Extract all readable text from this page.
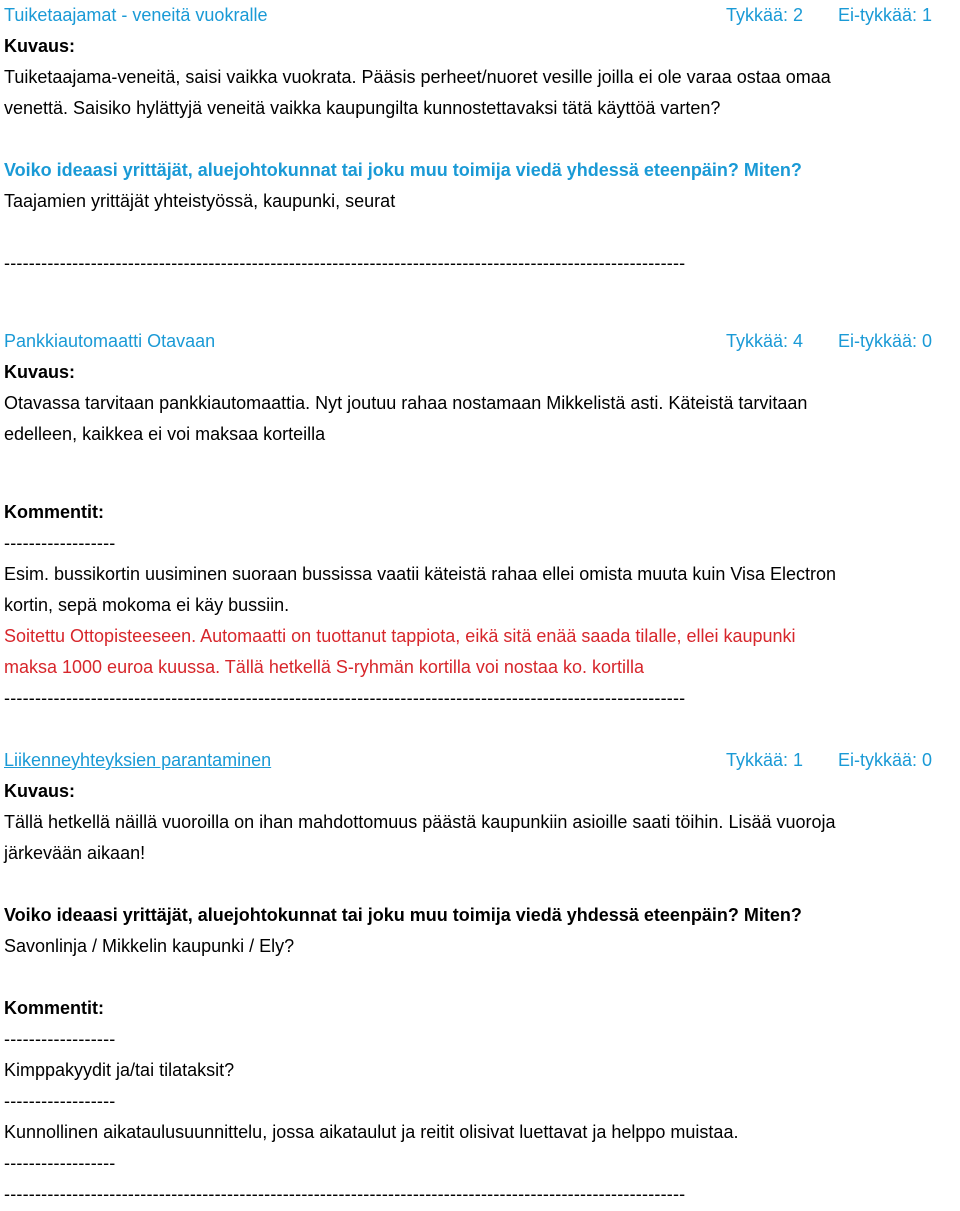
Tuiketaajamat - veneitä vuokralle	Tykkää: 2 Ei-tykkää: 1
Kuvaus:
Tuiketaajama-veneitä, saisi vaikka vuokrata. Pääsis perheet/nuoret vesille joilla ei ole varaa ostaa omaa
venettä. Saisiko hylättyjä veneitä vaikka kaupungilta kunnostettavaksi tätä käyttöä varten?
Voiko ideaasi yrittäjät, aluejohtokunnat tai joku muu toimija viedä yhdessä eteenpäin? Miten?
Taajamien yrittäjät yhteistyössä, kaupunki, seurat
--------------------------------------------------------------------------------------------------------------
Pankkiautomaatti Otavaan	Tykkää: 4 Ei-tykkää: 0
Kuvaus:
Otavassa tarvitaan pankkiautomaattia. Nyt joutuu rahaa nostamaan Mikkelistä asti. Käteistä tarvitaan
edelleen, kaikkea ei voi maksaa korteilla
Kommentit:
------------------
Esim. bussikortin uusiminen suoraan bussissa vaatii käteistä rahaa ellei omista muuta kuin Visa Electron
kortin, sepä mokoma ei käy bussiin.
Soitettu Ottopisteeseen. Automaatti on tuottanut tappiota, eikä sitä enää saada tilalle, ellei kaupunki
maksa 1000 euroa kuussa. Tällä hetkellä S-ryhmän kortilla voi nostaa ko. kortilla
--------------------------------------------------------------------------------------------------------------
Liikenneyhteyksien parantaminen	Tykkää: 1 Ei-tykkää: 0
Kuvaus:
Tällä hetkellä näillä vuoroilla on ihan mahdottomuus päästä kaupunkiin asioille saati töihin. Lisää vuoroja
järkevään aikaan!
Voiko ideaasi yrittäjät, aluejohtokunnat tai joku muu toimija viedä yhdessä eteenpäin? Miten?
Savonlinja / Mikkelin kaupunki / Ely?
Kommentit:
------------------
Kimppakyydit ja/tai tilataksit?
------------------
Kunnollinen aikataulusuunnittelu, jossa aikataulut ja reitit olisivat luettavat ja helppo muistaa.
------------------
--------------------------------------------------------------------------------------------------------------
